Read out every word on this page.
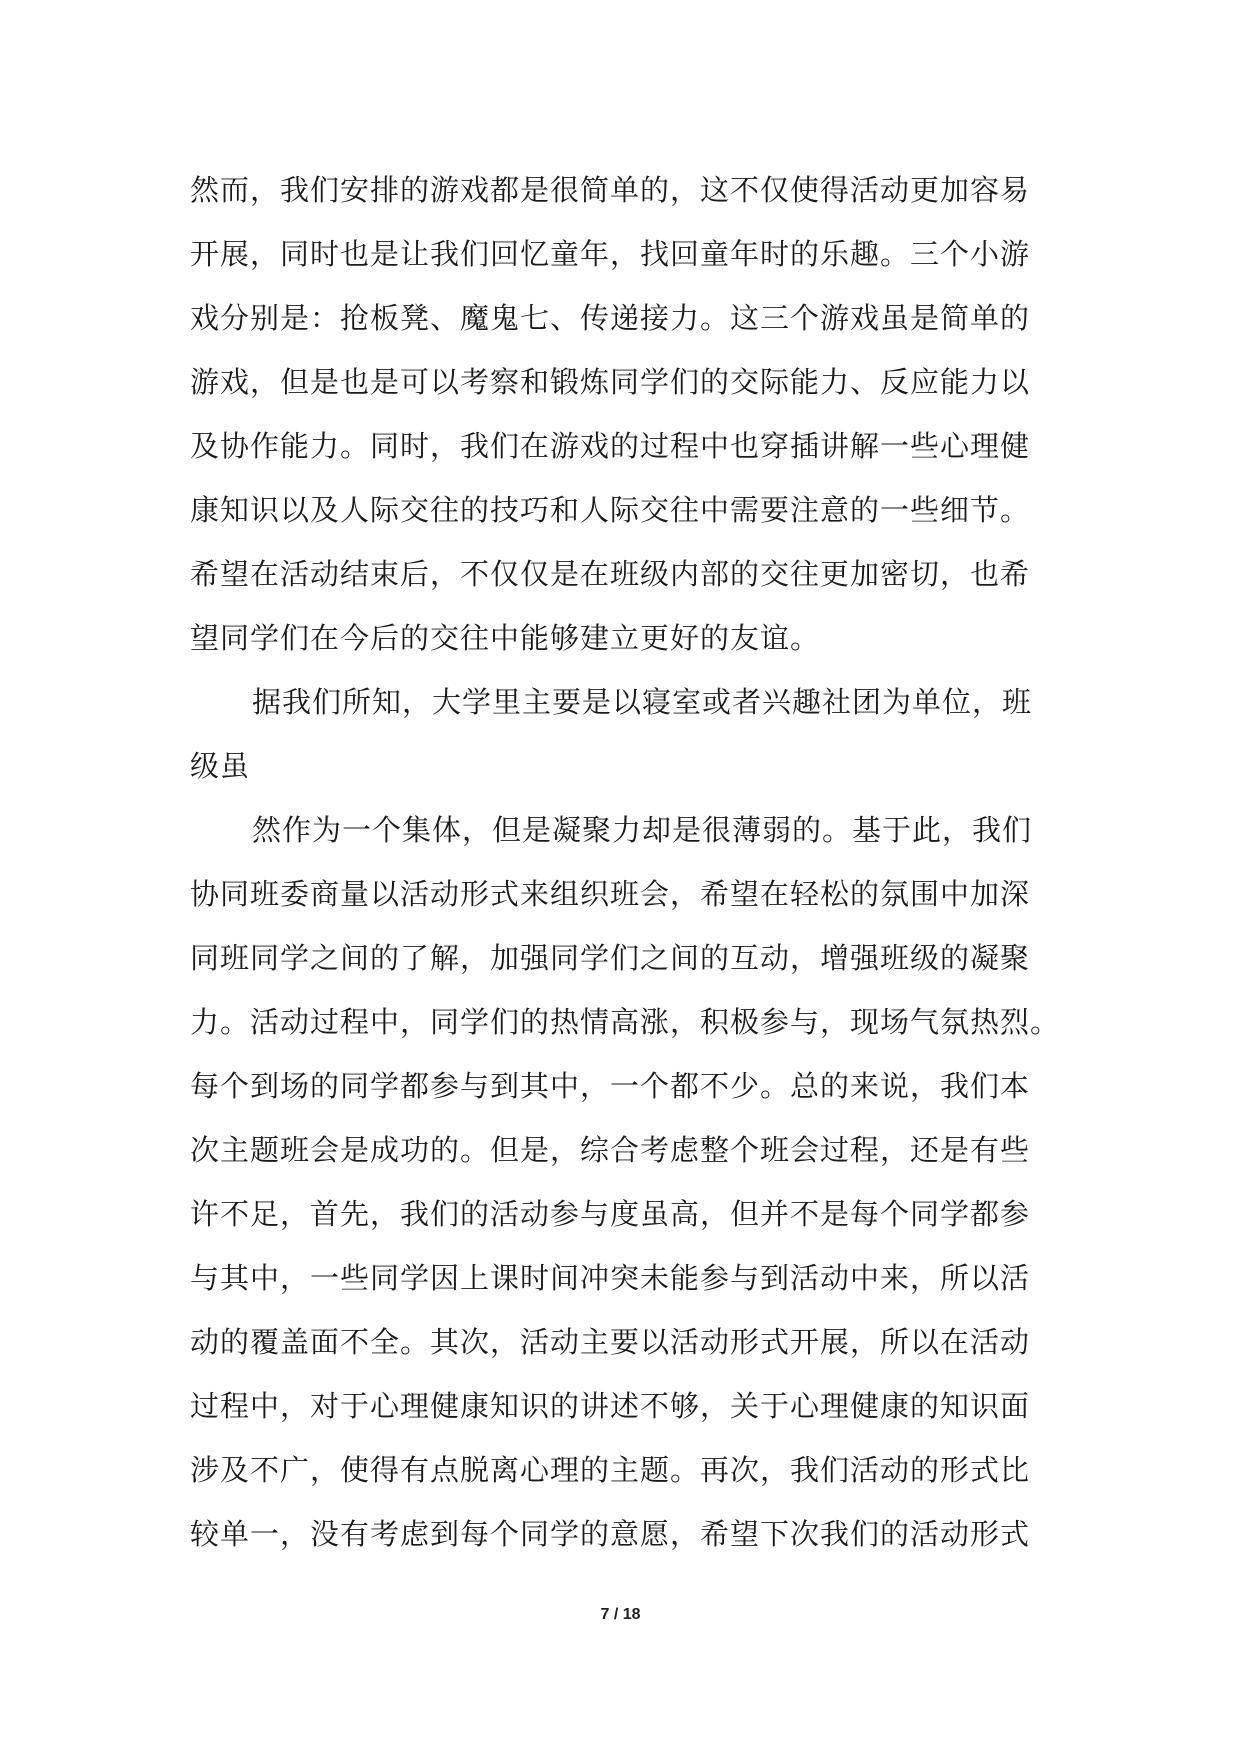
然而，我们安排的游戏都是很简单的，这不仅使得活动更加容易
开展，同时也是让我们回忆童年，找回童年时的乐趣。三个小游
戏分别是：抢板凳、魔鬼七、传递接力。这三个游戏虽是简单的
游戏，但是也是可以考察和锻炼同学们的交际能力、反应能力以
及协作能力。同时，我们在游戏的过程中也穿插讲解一些心理健
康知识以及人际交往的技巧和人际交往中需要注意的一些细节。
希望在活动结束后，不仅仅是在班级内部的交往更加密切，也希
望同学们在今后的交往中能够建立更好的友谊。
据我们所知，大学里主要是以寝室或者兴趣社团为单位，班
级虽
然作为一个集体，但是凝聚力却是很薄弱的。基于此，我们
协同班委商量以活动形式来组织班会，希望在轻松的氛围中加深
同班同学之间的了解，加强同学们之间的互动，增强班级的凝聚
力。活动过程中，同学们的热情高涨，积极参与，现场气氛热烈。
每个到场的同学都参与到其中，一个都不少。总的来说，我们本
次主题班会是成功的。但是，综合考虑整个班会过程，还是有些
许不足，首先，我们的活动参与度虽高，但并不是每个同学都参
与其中，一些同学因上课时间冲突未能参与到活动中来，所以活
动的覆盖面不全。其次，活动主要以活动形式开展，所以在活动
过程中，对于心理健康知识的讲述不够，关于心理健康的知识面
涉及不广，使得有点脱离心理的主题。再次，我们活动的形式比
较单一，没有考虑到每个同学的意愿，希望下次我们的活动形式
7 / 18
